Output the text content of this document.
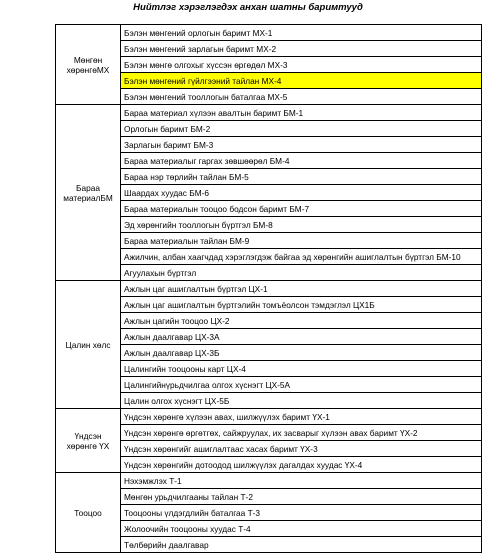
Нийтлэг хэрэглэгдэх анхан шатны баримтууд
Мөнгөн хөрөнгөМХ	Бэлэн мөнгений орлогын баримт МХ-1
	Бэлэн мөнгений зарлагын баримт МХ-2
	Бэлэн мөнгө олгохыг хүссэн өргөдөл МХ-3
	Бэлэн мөнгений гүйлгээний тайлан МХ-4
	Бэлэн мөнгений тооллогын баталгаа МХ-5
Бараа материалБМ	Бараа материал хүлээн авалтын баримт БМ-1
	Орлогын баримт БМ-2
	Зарлагын баримт БМ-3
	Бараа материалыг гаргах зөвшөөрөл БМ-4
	Бараа нэр төрлийн тайлан БМ-5
	Шаардах хуудас БМ-6
	Бараа материалын тооцоо бодсон баримт БМ-7
	Эд хөрөнгийн тооллогын бүртгэл БМ-8
	Бараа материалын тайлан БМ-9
	Ажилчин, албан хаагчдад хэрэглэгдэж байгаа эд хөрөнгийн ашиглалтын бүртгэл БМ-10
	Агуулахын бүртгэл
Цалин хөлс	Ажлын цаг ашиглалтын бүртгэл ЦХ-1
	Ажлын цаг ашиглалтын бүртгэлийн томъёолсон тэмдэглэл ЦХ1Б
	Ажлын цагийн тооцоо ЦХ-2
	Ажлын даалгавар ЦХ-3А
	Ажлын даалгавар ЦХ-3Б
	Цалингийн тооцооны карт ЦХ-4
	Цалингийнүрьдчилгаа олгох хүснэгт ЦХ-5А
	Цалин олгох хүснэгт ЦХ-5Б
Үндсэн хөрөнгө ҮХ	Үндсэн хөрөнгө хүлээн авах, шилжүүлэх баримт ҮХ-1
	Үндсэн хөрөнгө өргөтгөх, сайжруулах, их засварыг хүлээн авах баримт ҮХ-2
	Үндсэн хөрөнгийг ашиглалтаас хасах баримт ҮХ-3
	Үндсэн хөрөнгийн дотоодод шилжүүлэх дагалдах хуудас ҮХ-4
Тооцоо	Нэхэмжлэх Т-1
	Мөнгөн урьдчилгааны тайлан Т-2
	Тооцооны үлдэгдлийн баталгаа Т-3
	Жолоочийн тооцооны хуудас Т-4
	Төлбөрийн даалгавар
